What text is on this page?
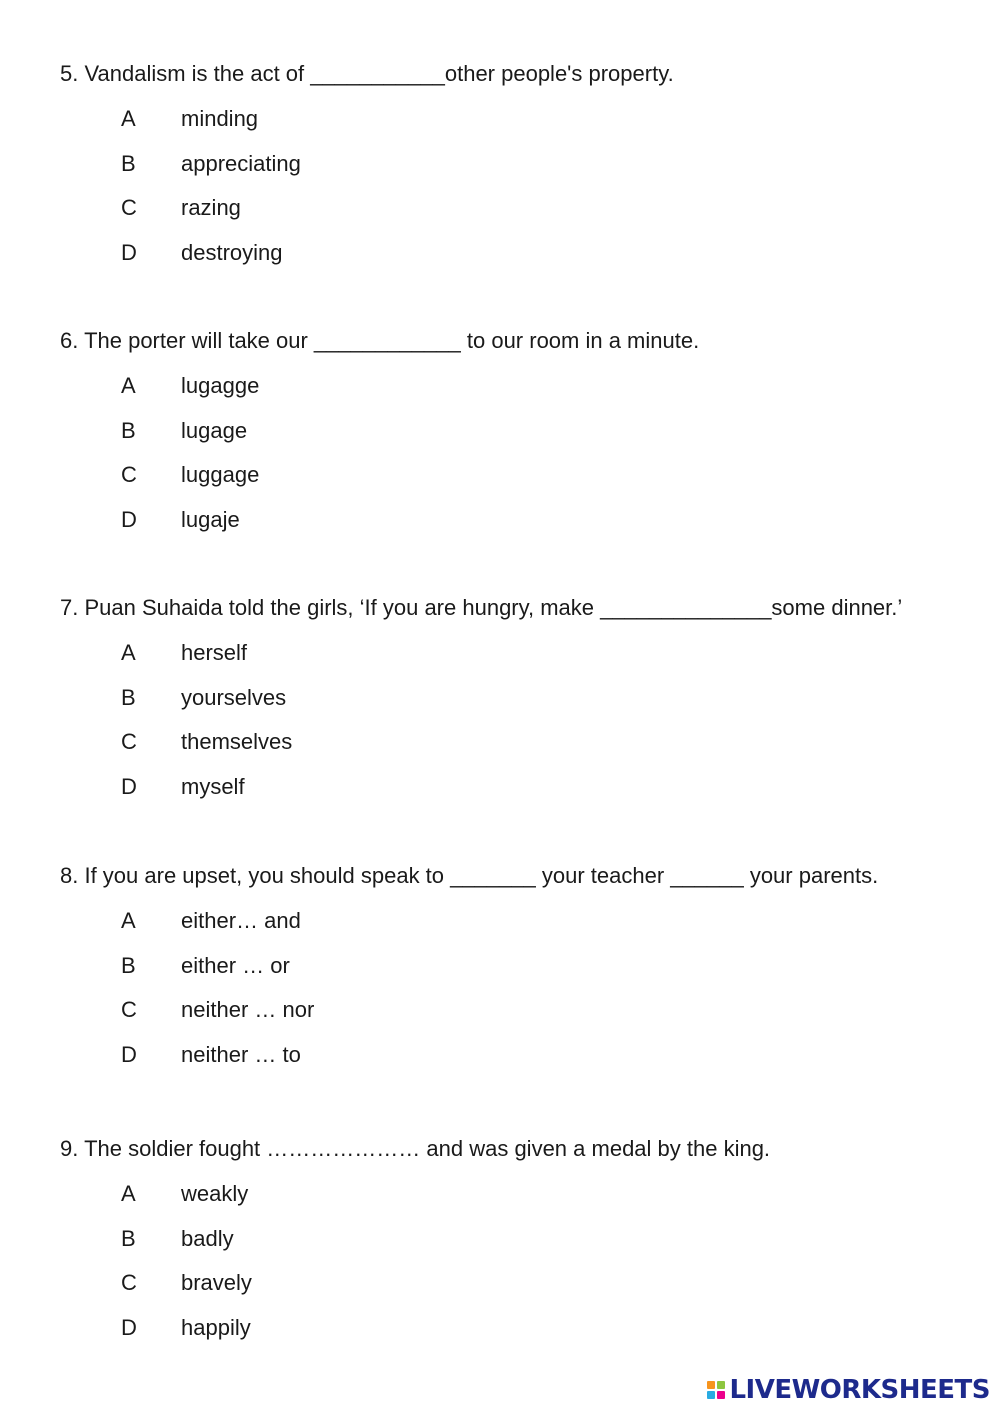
5. Vandalism is the act of ___________other people's property.

A minding
B appreciating
C razing
D destroying

6. The porter will take our ____________ to our room in a minute.

A lugagge
B lugage
C luggage
D lugaje

7. Puan Suhaida told the girls, ‘If you are hungry, make ______________some dinner.’

A herself
B yourselves
C themselves
D myself

8. If you are upset, you should speak to _______ your teacher ______ your parents.

A either… and
B either … or
C neither … nor
D neither … to

9. The soldier fought ………………… and was given a medal by the king.

A weakly
B badly
C bravely
D happily
LIVEWORKSHEETS
